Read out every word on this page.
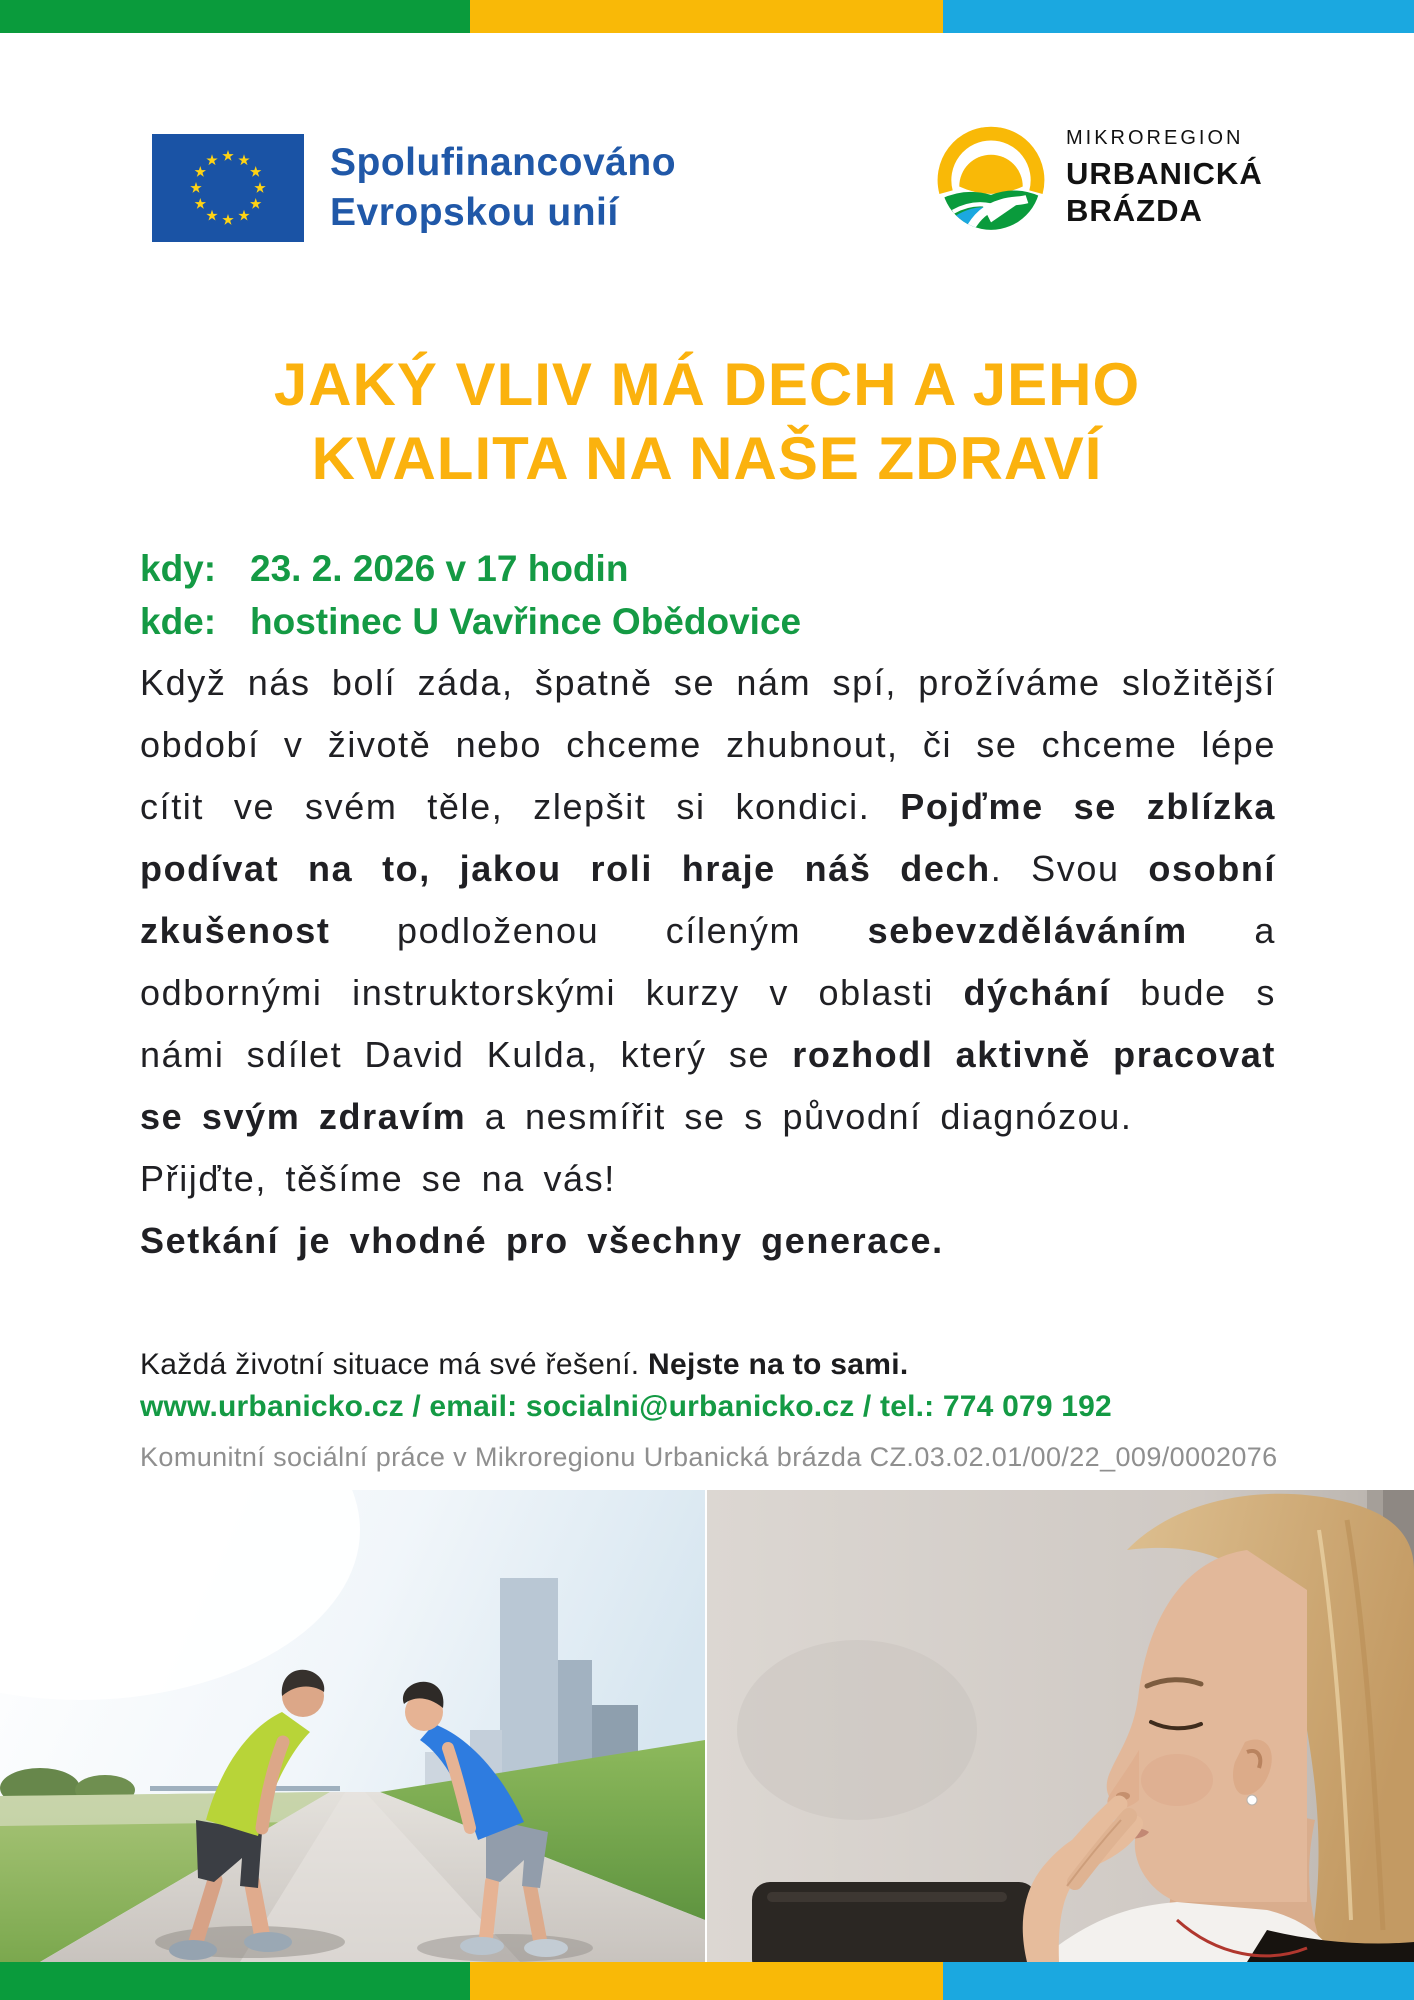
Spolufinancováno
Evropskou unií
MIKROREGION
URBANICKÁ
BRÁZDA
JAKÝ VLIV MÁ DECH A JEHO
KVALITA NA NAŠE ZDRAVÍ
kdy: 23. 2. 2026 v 17 hodin
kde: hostinec U Vavřince Obědovice

Když nás bolí záda, špatně se nám spí, prožíváme složitější období v životě nebo chceme zhubnout, či se chceme lépe cítit ve svém těle, zlepšit si kondici. Pojďme se zblízka podívat na to, jakou roli hraje náš dech. Svou osobní zkušenost podloženou cíleným sebevzděláváním a odbornými instruktorskými kurzy v oblasti dýchání bude s námi sdílet David Kulda, který se rozhodl aktivně pracovat se svým zdravím a nesmířit se s původní diagnózou.

Přijďte, těšíme se na vás!

Setkání je vhodné pro všechny generace.

Každá životní situace má své řešení. Nejste na to sami.
www.urbanicko.cz / email: socialni@urbanicko.cz / tel.: 774 079 192
Komunitní sociální práce v Mikroregionu Urbanická brázda CZ.03.02.01/00/22_009/0002076
